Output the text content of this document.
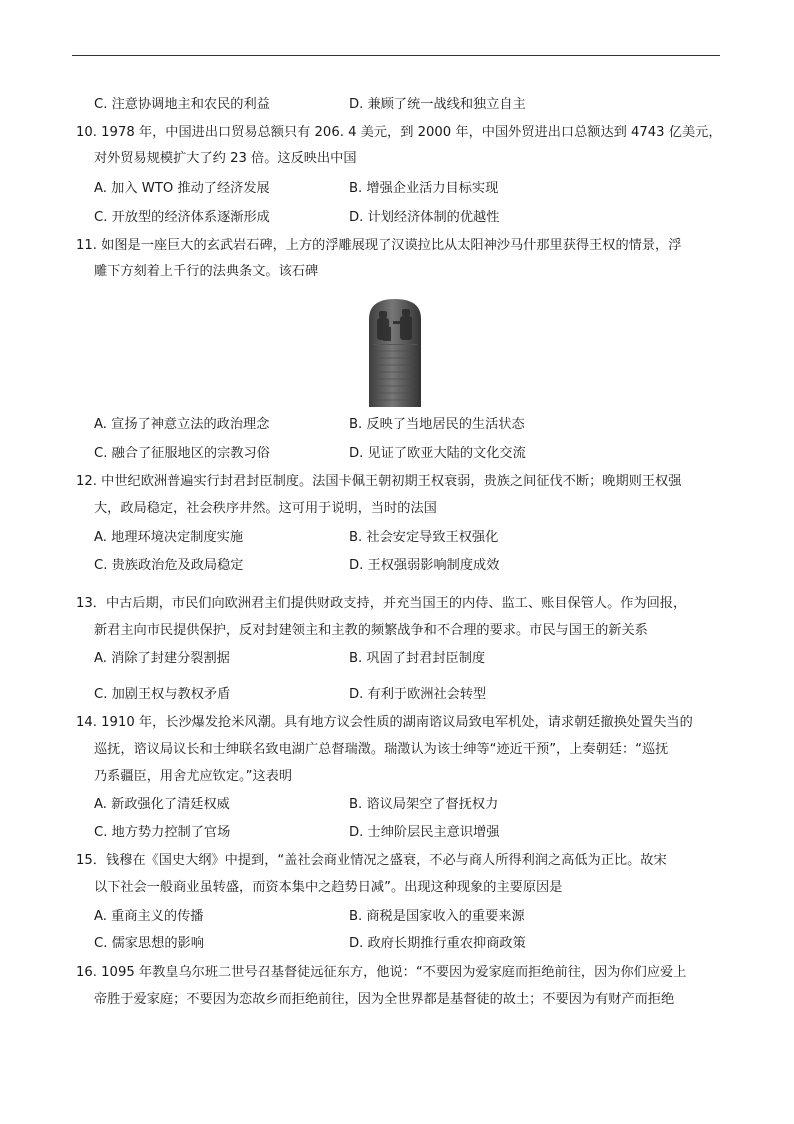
C. 注意协调地主和农民的利益	D. 兼顾了统一战线和独立自主
10. 1978 年，中国进出口贸易总额只有 206. 4 美元，到 2000 年，中国外贸进出口总额达到 4743 亿美元，
对外贸易规模扩大了约 23 倍。这反映出中国
A. 加入 WTO 推动了经济发展	B. 增强企业活力目标实现
C. 开放型的经济体系逐渐形成	D. 计划经济体制的优越性
11. 如图是一座巨大的玄武岩石碑，上方的浮雕展现了汉谟拉比从太阳神沙马什那里获得王权的情景，浮
雕下方刻着上千行的法典条文。该石碑
A. 宣扬了神意立法的政治理念	B. 反映了当地居民的生活状态
C. 融合了征服地区的宗教习俗	D. 见证了欧亚大陆的文化交流
12. 中世纪欧洲普遍实行封君封臣制度。法国卡佩王朝初期王权衰弱，贵族之间征伐不断；晚期则王权强
大，政局稳定，社会秩序井然。这可用于说明，当时的法国
A. 地理环境决定制度实施	B. 社会安定导致王权强化
C. 贵族政治危及政局稳定	D. 王权强弱影响制度成效
13．中古后期，市民们向欧洲君主们提供财政支持，并充当国王的内侍、监工、账目保管人。作为回报，
新君主向市民提供保护，反对封建领主和主教的频繁战争和不合理的要求。市民与国王的新关系
A. 消除了封建分裂割据	B. 巩固了封君封臣制度
C. 加剧王权与教权矛盾	D. 有利于欧洲社会转型
14. 1910 年，长沙爆发抢米风潮。具有地方议会性质的湖南谘议局致电军机处，请求朝廷撤换处置失当的
巡抚，谘议局议长和士绅联名致电湖广总督瑞澂。瑞澂认为该士绅等“迹近干预”，上奏朝廷：“巡抚
乃系疆臣，用舍尤应钦定。”这表明
A. 新政强化了清廷权威	B. 谘议局架空了督抚权力
C. 地方势力控制了官场	D. 士绅阶层民主意识增强
15．钱穆在《国史大纲》中提到，“盖社会商业情况之盛衰，不必与商人所得利润之高低为正比。故宋
以下社会一般商业虽转盛，而资本集中之趋势日减”。出现这种现象的主要原因是
A. 重商主义的传播	B. 商税是国家收入的重要来源
C. 儒家思想的影响	D. 政府长期推行重农抑商政策
16. 1095 年教皇乌尔班二世号召基督徒远征东方，他说：“不要因为爱家庭而拒绝前往，因为你们应爱上
帝胜于爱家庭；不要因为恋故乡而拒绝前往，因为全世界都是基督徒的故土；不要因为有财产而拒绝
